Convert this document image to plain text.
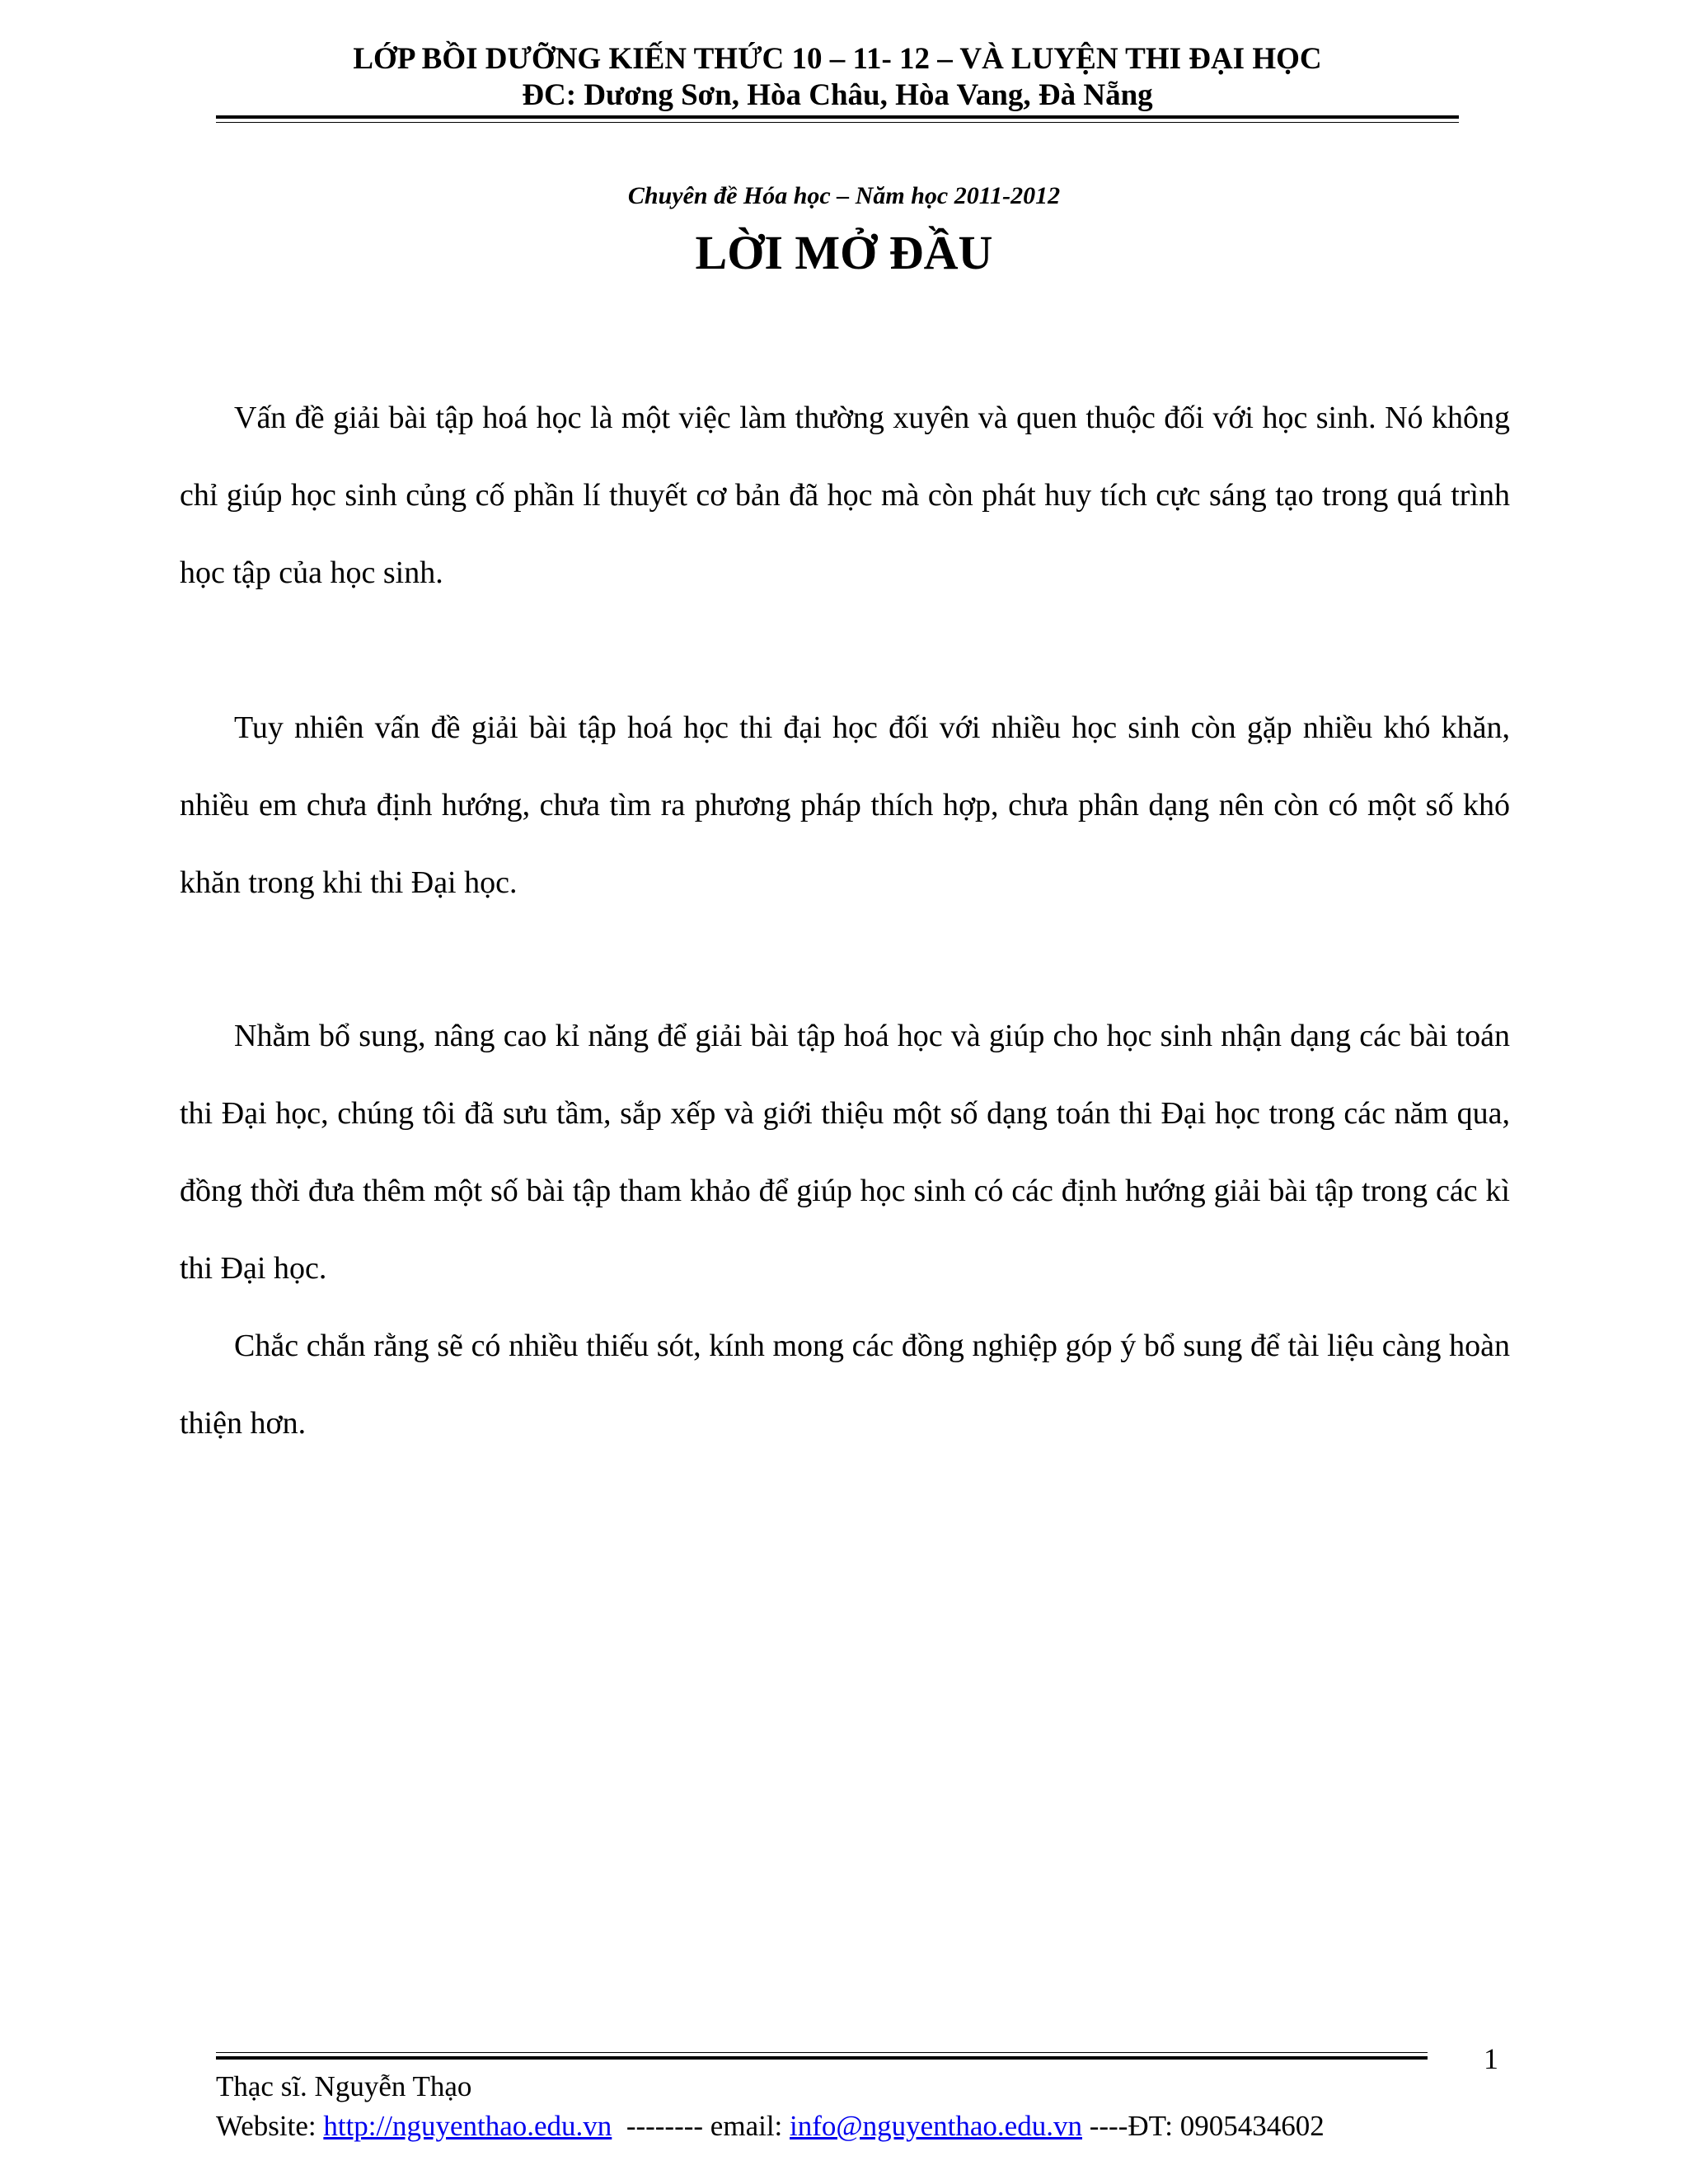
LỚP BỒI DƯỠNG KIẾN THỨC 10 – 11- 12 – VÀ LUYỆN THI ĐẠI HỌC
ĐC: Dương Sơn, Hòa Châu, Hòa Vang, Đà Nẵng
Chuyên đề Hóa học – Năm học 2011-2012
LỜI MỞ ĐẦU

Vấn đề giải bài tập hoá học là một việc làm thường xuyên và quen thuộc đối với học sinh. Nó không chỉ giúp học sinh củng cố phần lí thuyết cơ bản đã học mà còn phát huy tích cực sáng tạo trong quá trình học tập của học sinh.

Tuy nhiên vấn đề giải bài tập hoá học thi đại học đối với nhiều học sinh còn gặp nhiều khó khăn, nhiều em chưa định hướng, chưa tìm ra phương pháp thích hợp, chưa phân dạng nên còn có một số khó khăn trong khi thi Đại học.

Nhằm bổ sung, nâng cao kỉ năng để giải bài tập hoá học và giúp cho học sinh nhận dạng các bài toán thi Đại học, chúng tôi đã sưu tầm, sắp xếp và giới thiệu một số dạng toán thi Đại học trong các năm qua, đồng thời đưa thêm một số bài tập tham khảo để giúp học sinh có các định hướng giải bài tập trong các kì thi Đại học.

Chắc chắn rằng sẽ có nhiều thiếu sót, kính mong các đồng nghiệp góp ý bổ sung để tài liệu càng hoàn thiện hơn.

1
Thạc sĩ. Nguyễn Thạo
Website: http://nguyenthao.edu.vn  -------- email: info@nguyenthao.edu.vn ----ĐT: 0905434602
